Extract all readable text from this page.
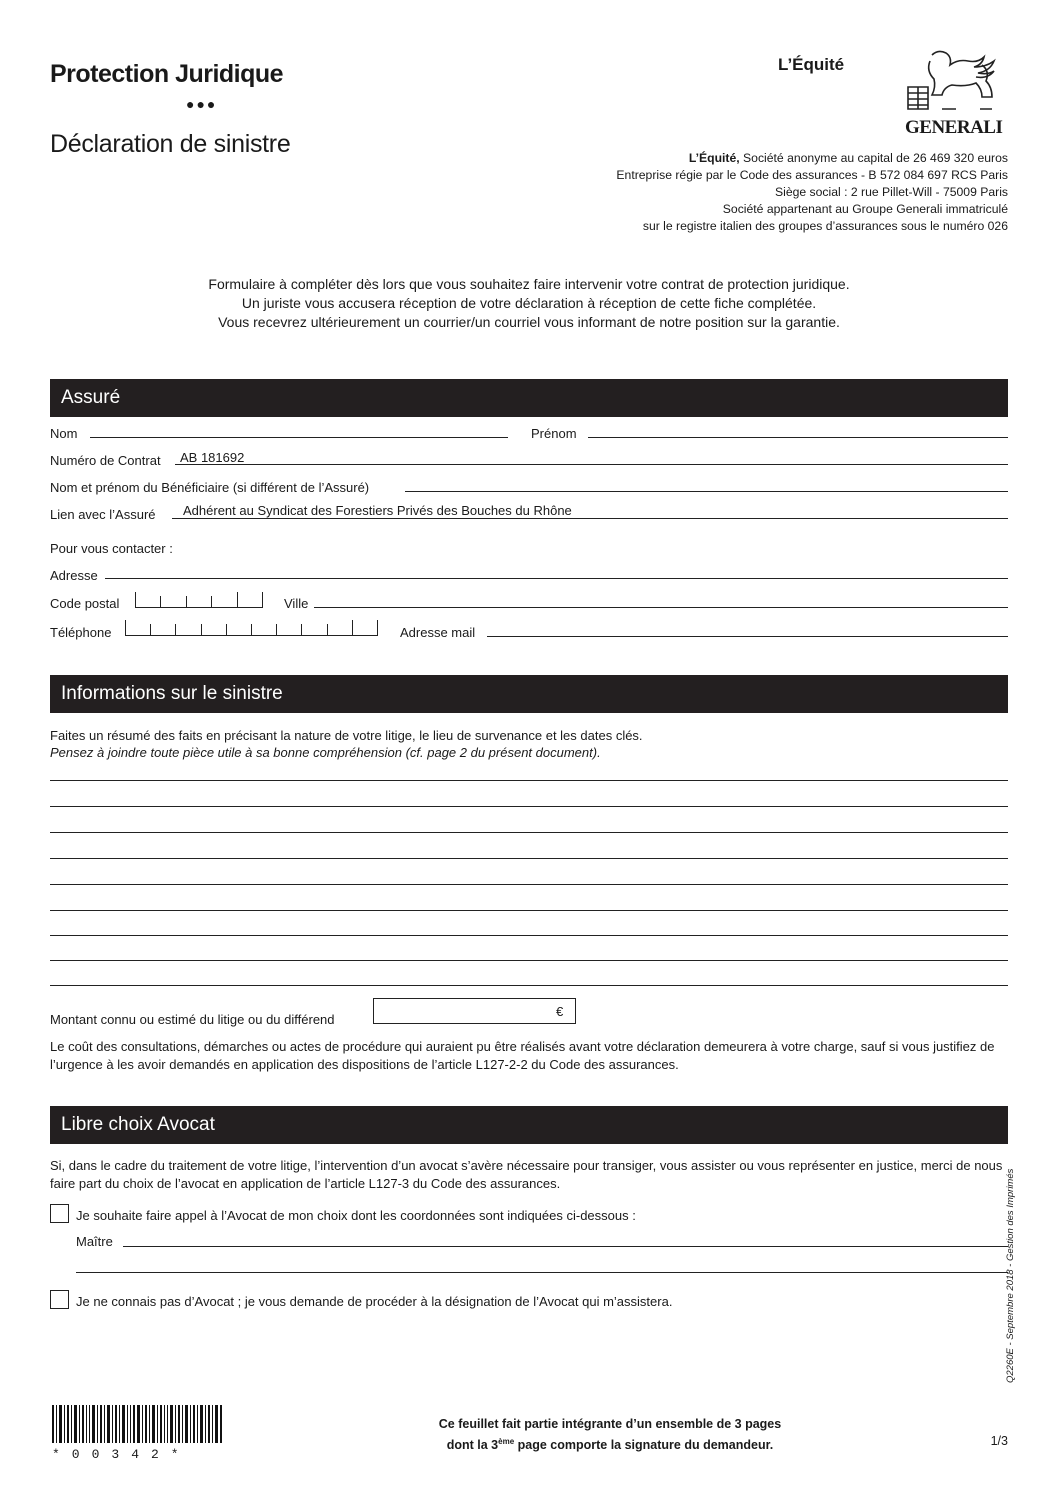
Protection Juridique
●●●
Déclaration de sinistre
L’Équité
GENERALI
L’Équité, Société anonyme au capital de 26 469 320 euros
Entreprise régie par le Code des assurances - B 572 084 697 RCS Paris
Siège social : 2 rue Pillet-Will - 75009 Paris
Société appartenant au Groupe Generali immatriculé
sur le registre italien des groupes d’assurances sous le numéro 026
Formulaire à compléter dès lors que vous souhaitez faire intervenir votre contrat de protection juridique.
Un juriste vous accusera réception de votre déclaration à réception de cette fiche complétée.
Vous recevrez ultérieurement un courrier/un courriel vous informant de notre position sur la garantie.
Assuré
Nom	Prénom
Numéro de Contrat AB 181692
Nom et prénom du Bénéficiaire (si différent de l’Assuré)
Lien avec l’Assuré Adhérent au Syndicat des Forestiers Privés des Bouches du Rhône
Pour vous contacter :
Adresse
Code postal	Ville
Téléphone	Adresse mail
Informations sur le sinistre
Faites un résumé des faits en précisant la nature de votre litige, le lieu de survenance et les dates clés.
Pensez à joindre toute pièce utile à sa bonne compréhension (cf. page 2 du présent document).
Montant connu ou estimé du litige ou du différend
€
Le coût des consultations, démarches ou actes de procédure qui auraient pu être réalisés avant votre déclaration demeurera à votre charge, sauf si vous justifiez de l’urgence à les avoir demandés en application des dispositions de l’article L127-2-2 du Code des assurances.
Libre choix Avocat
Si, dans le cadre du traitement de votre litige, l’intervention d’un avocat s’avère nécessaire pour transiger, vous assister ou vous représenter en justice, merci de nous faire part du choix de l’avocat en application de l’article L127-3 du Code des assurances.
Je souhaite faire appel à l’Avocat de mon choix dont les coordonnées sont indiquées ci-dessous :
Maître
Je ne connais pas d’Avocat ; je vous demande de procéder à la désignation de l’Avocat qui m’assistera.	Q2260E - Septembre 2018 - Gestion des Imprimés
*00342*
Ce feuillet fait partie intégrante d’un ensemble de 3 pages
dont la 3ème page comporte la signature du demandeur.	1/3
